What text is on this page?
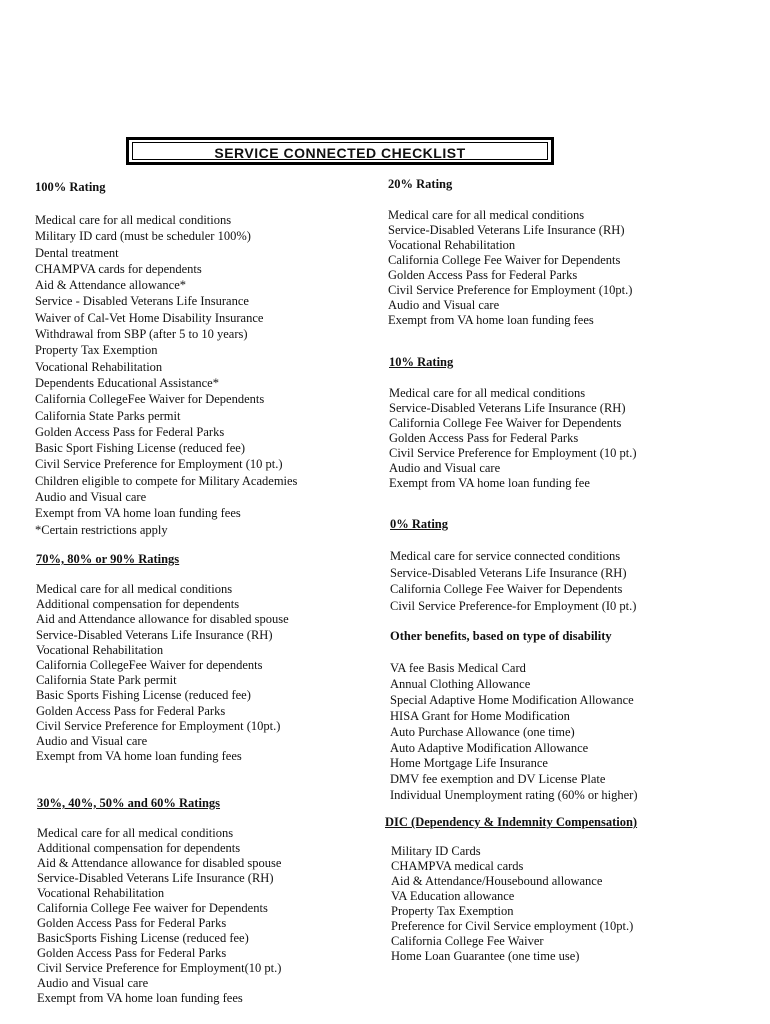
SERVICE CONNECTED CHECKLIST
100% Rating
Medical care for all medical conditions
Military ID card (must be scheduler 100%)
Dental treatment
CHAMPVA cards for dependents
Aid & Attendance allowance*
Service - Disabled Veterans Life Insurance
Waiver of Cal-Vet Home Disability Insurance
Withdrawal from SBP (after 5 to 10 years)
Property Tax Exemption
Vocational Rehabilitation
Dependents Educational Assistance*
California CollegeFee Waiver for Dependents
California State Parks permit
Golden Access Pass for Federal Parks
Basic Sport Fishing License (reduced fee)
Civil Service Preference for Employment (10 pt.)
Children eligible to compete for Military Academies
Audio and Visual care
Exempt from VA home loan funding fees
*Certain restrictions apply
70%, 80% or 90% Ratings
Medical care for all medical conditions
Additional compensation for dependents
Aid and Attendance allowance for disabled spouse
Service-Disabled Veterans Life Insurance (RH)
Vocational Rehabilitation
California CollegeFee Waiver for dependents
California State Park permit
Basic Sports Fishing License (reduced fee)
Golden Access Pass for Federal Parks
Civil Service Preference for Employment (10pt.)
Audio and Visual care
Exempt from VA home loan funding fees
30%, 40%, 50% and 60% Ratings
Medical care for all medical conditions
Additional compensation for dependents
Aid & Attendance allowance for disabled spouse
Service-Disabled Veterans Life Insurance (RH)
Vocational Rehabilitation
California College Fee waiver for Dependents
Golden Access Pass for Federal Parks
BasicSports Fishing License (reduced fee)
Golden Access Pass for Federal Parks
Civil Service Preference for Employment(10 pt.)
Audio and Visual care
Exempt from VA home loan funding fees
20% Rating
Medical care for all medical conditions
Service-Disabled Veterans Life Insurance (RH)
Vocational Rehabilitation
California College Fee Waiver for Dependents
Golden Access Pass for Federal Parks
Civil Service Preference for Employment (10pt.)
Audio and Visual care
Exempt from VA home loan funding fees
10% Rating
Medical care for all medical conditions
Service-Disabled Veterans Life Insurance (RH)
California College Fee Waiver for Dependents
Golden Access Pass for Federal Parks
Civil Service Preference for Employment (10 pt.)
Audio and Visual care
Exempt from VA home loan funding fee
0% Rating
Medical care for service connected conditions
Service-Disabled Veterans Life Insurance (RH)
California College Fee Waiver for Dependents
Civil Service Preference-for Employment (I0 pt.)
Other benefits, based on type of disability
VA fee Basis Medical Card
Annual Clothing Allowance
Special Adaptive Home Modification Allowance
HISA Grant for Home Modification
Auto Purchase Allowance (one time)
Auto Adaptive Modification Allowance
Home Mortgage Life Insurance
DMV fee exemption and DV License Plate
Individual Unemployment rating (60% or higher)
DIC (Dependency & Indemnity Compensation)
Military ID Cards
CHAMPVA medical cards
Aid & Attendance/Housebound allowance
VA Education allowance
Property Tax Exemption
Preference for Civil Service employment (10pt.)
California College Fee Waiver
Home Loan Guarantee (one time use)
